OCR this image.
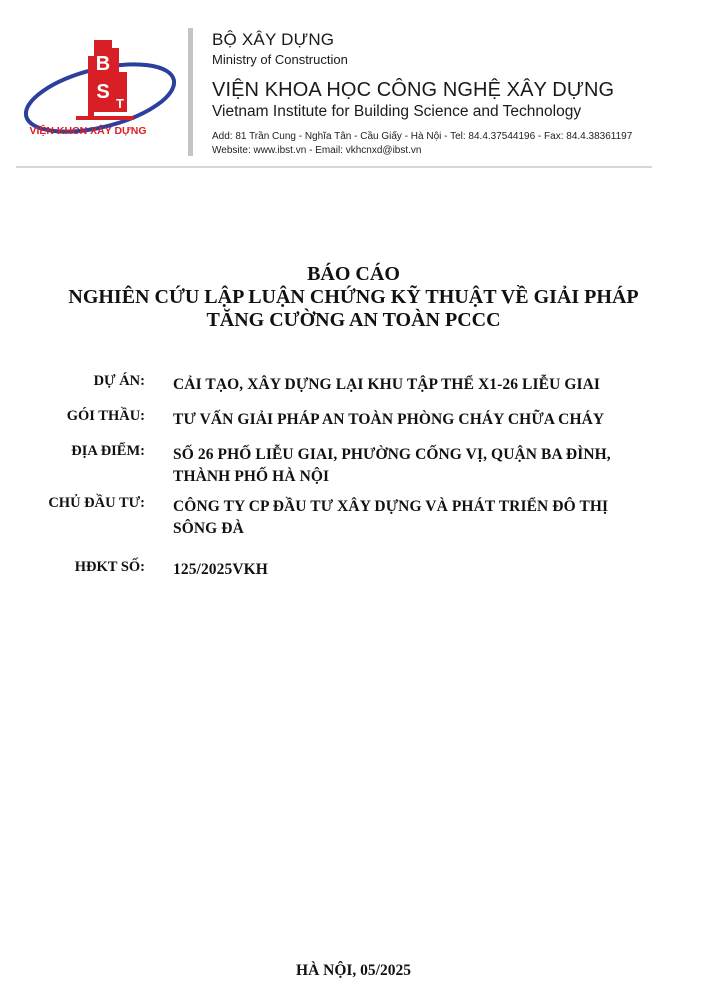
B
S
T
VIỆN KHCN XÂY DỰNG
BỘ XÂY DỰNG
Ministry of Construction
VIỆN KHOA HỌC CÔNG NGHỆ XÂY DỰNG
Vietnam Institute for Building Science and Technology
Add: 81 Trần Cung - Nghĩa Tân - Cầu Giấy - Hà Nội - Tel: 84.4.37544196 - Fax: 84.4.38361197
Website: www.ibst.vn - Email: vkhcnxd@ibst.vn
BÁO CÁO
NGHIÊN CỨU LẬP LUẬN CHỨNG KỸ THUẬT VỀ GIẢI PHÁP
TĂNG CƯỜNG AN TOÀN PCCC
DỰ ÁN: CẢI TẠO, XÂY DỰNG LẠI KHU TẬP THỂ X1-26 LIỄU GIAI
GÓI THẦU: TƯ VẤN GIẢI PHÁP AN TOÀN PHÒNG CHÁY CHỮA CHÁY
ĐỊA ĐIỂM: SỐ 26 PHỐ LIỄU GIAI, PHƯỜNG CỐNG VỊ, QUẬN BA ĐÌNH,
THÀNH PHỐ HÀ NỘI
CHỦ ĐẦU TƯ: CÔNG TY CP ĐẦU TƯ XÂY DỰNG VÀ PHÁT TRIỂN ĐÔ THỊ
SÔNG ĐÀ
HĐKT SỐ: 125/2025VKH
HÀ NỘI, 05/2025
